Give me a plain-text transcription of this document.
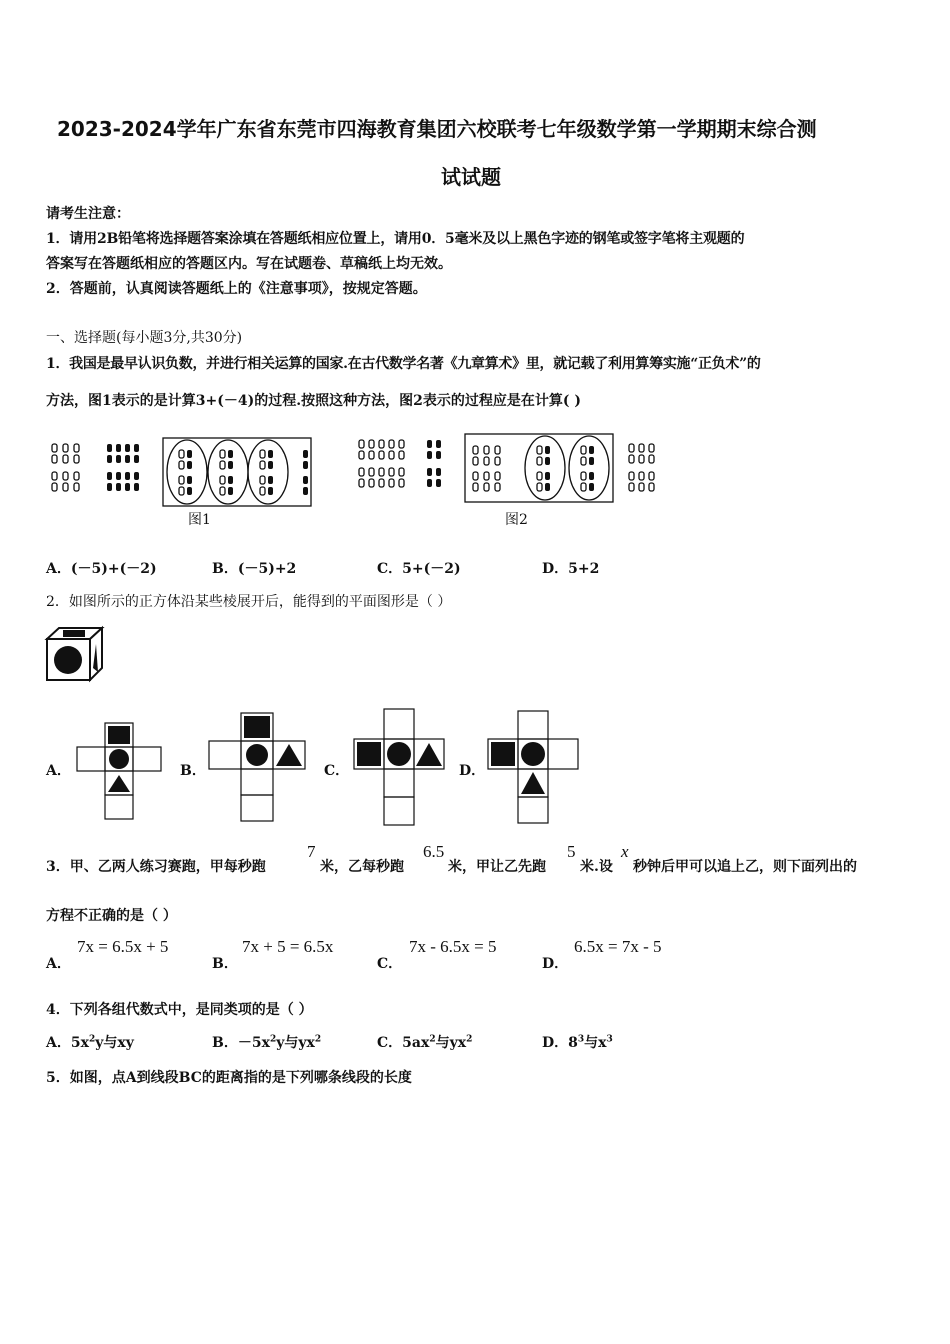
2023-2024学年广东省东莞市四海教育集团六校联考七年级数学第一学期期末综合测
试试题
请考生注意：
1．请用2B铅笔将选择题答案涂填在答题纸相应位置上，请用0．5毫米及以上黑色字迹的钢笔或签字笔将主观题的
答案写在答题纸相应的答题区内。写在试题卷、草稿纸上均无效。
2．答题前，认真阅读答题纸上的《注意事项》，按规定答题。
一、选择题(每小题3分,共30分)
1．我国是最早认识负数，并进行相关运算的国家.在古代数学名著《九章算术》里，就记载了利用算筹实施“正负术”的
方法，图1表示的是计算3+(－4)的过程.按照这种方法，图2表示的过程应是在计算( )
图1	图2
A．(－5)+(－2)	B．(－5)+2	C．5+(－2)	D．5+2
2．如图所示的正方体沿某些棱展开后，能得到的平面图形是（ ）
A．	B．	C．	D．
3．甲、乙两人练习赛跑，甲每秒跑
7
米，乙每秒跑
6.5
米，甲让乙先跑
5
米.设
x
秒钟后甲可以追上乙，则下面列出的
方程不正确的是（ ）
A．
7x = 6.5x + 5
B．
7x + 5 = 6.5x
C．
7x - 6.5x = 5
D．
6.5x = 7x - 5
4．下列各组代数式中，是同类项的是（ ）
A．$5x^2y$与xy	B．$-5x^2y$与$yx^2$	C．$5ax^2$与$yx^2$	D．$8^3$与$x^3$
5．如图，点A到线段BC的距离指的是下列哪条线段的长度
